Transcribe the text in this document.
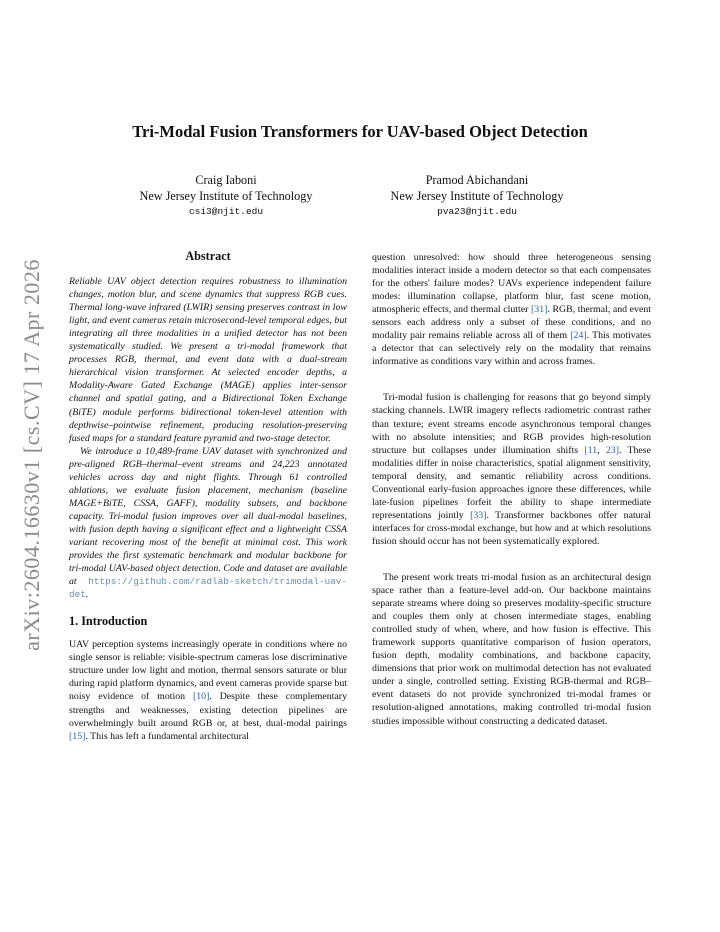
arXiv:2604.16630v1 [cs.CV] 17 Apr 2026
Tri-Modal Fusion Transformers for UAV-based Object Detection
Craig Iaboni
New Jersey Institute of Technology
csi3@njit.edu
Pramod Abichandani
New Jersey Institute of Technology
pva23@njit.edu
Abstract

Reliable UAV object detection requires robustness to illumination changes, motion blur, and scene dynamics that suppress RGB cues. Thermal long-wave infrared (LWIR) sensing preserves contrast in low light, and event cameras retain microsecond-level temporal edges, but integrating all three modalities in a unified detector has not been systematically studied. We present a tri-modal framework that processes RGB, thermal, and event data with a dual-stream hierarchical vision transformer. At selected encoder depths, a Modality-Aware Gated Exchange (MAGE) applies inter-sensor channel and spatial gating, and a Bidirectional Token Exchange (BiTE) module performs bidirectional token-level attention with depthwise–pointwise refinement, producing resolution-preserving fused maps for a standard feature pyramid and two-stage detector.

We introduce a 10,489-frame UAV dataset with synchronized and pre-aligned RGB–thermal–event streams and 24,223 annotated vehicles across day and night flights. Through 61 controlled ablations, we evaluate fusion placement, mechanism (baseline MAGE+BiTE, CSSA, GAFF), modality subsets, and backbone capacity. Tri-modal fusion improves over all dual-modal baselines, with fusion depth having a significant effect and a lightweight CSSA variant recovering most of the benefit at minimal cost. This work provides the first systematic benchmark and modular backbone for tri-modal UAV-based object detection. Code and dataset are available at https://github.com/radlab-sketch/trimodal-uav-det.

1. Introduction

UAV perception systems increasingly operate in conditions where no single sensor is reliable: visible-spectrum cameras lose discriminative structure under low light and motion, thermal sensors saturate or blur during rapid platform dynamics, and event cameras provide sparse but noisy evidence of motion [10]. Despite these complementary strengths and weaknesses, existing detection pipelines are overwhelmingly built around RGB or, at best, dual-modal pairings [15]. This has left a fundamental architectural

question unresolved: how should three heterogeneous sensing modalities interact inside a modern detector so that each compensates for the others' failure modes? UAVs experience independent failure modes: illumination collapse, platform blur, fast scene motion, atmospheric effects, and thermal clutter [31]. RGB, thermal, and event sensors each address only a subset of these conditions, and no modality pair remains reliable across all of them [24]. This motivates a detector that can selectively rely on the modality that remains informative as conditions vary within and across frames.

Tri-modal fusion is challenging for reasons that go beyond simply stacking channels. LWIR imagery reflects radiometric contrast rather than texture; event streams encode asynchronous temporal changes with no absolute intensities; and RGB provides high-resolution structure but collapses under illumination shifts [11, 23]. These modalities differ in noise characteristics, spatial alignment sensitivity, temporal density, and semantic reliability across conditions. Conventional early-fusion approaches ignore these differences, while late-fusion pipelines forfeit the ability to shape intermediate representations jointly [33]. Transformer backbones offer natural interfaces for cross-modal exchange, but how and at which resolutions fusion should occur has not been systematically explored.

The present work treats tri-modal fusion as an architectural design space rather than a feature-level add-on. Our backbone maintains separate streams where doing so preserves modality-specific structure and couples them only at chosen intermediate stages, enabling controlled study of when, where, and how fusion is effective. This framework supports quantitative comparison of fusion operators, fusion depth, modality combinations, and backbone capacity, dimensions that prior work on multimodal detection has not evaluated under a single, controlled setting. Existing RGB-thermal and RGB–event datasets do not provide synchronized tri-modal frames or resolution-aligned annotations, making controlled tri-modal fusion studies impossible without constructing a dedicated dataset.
